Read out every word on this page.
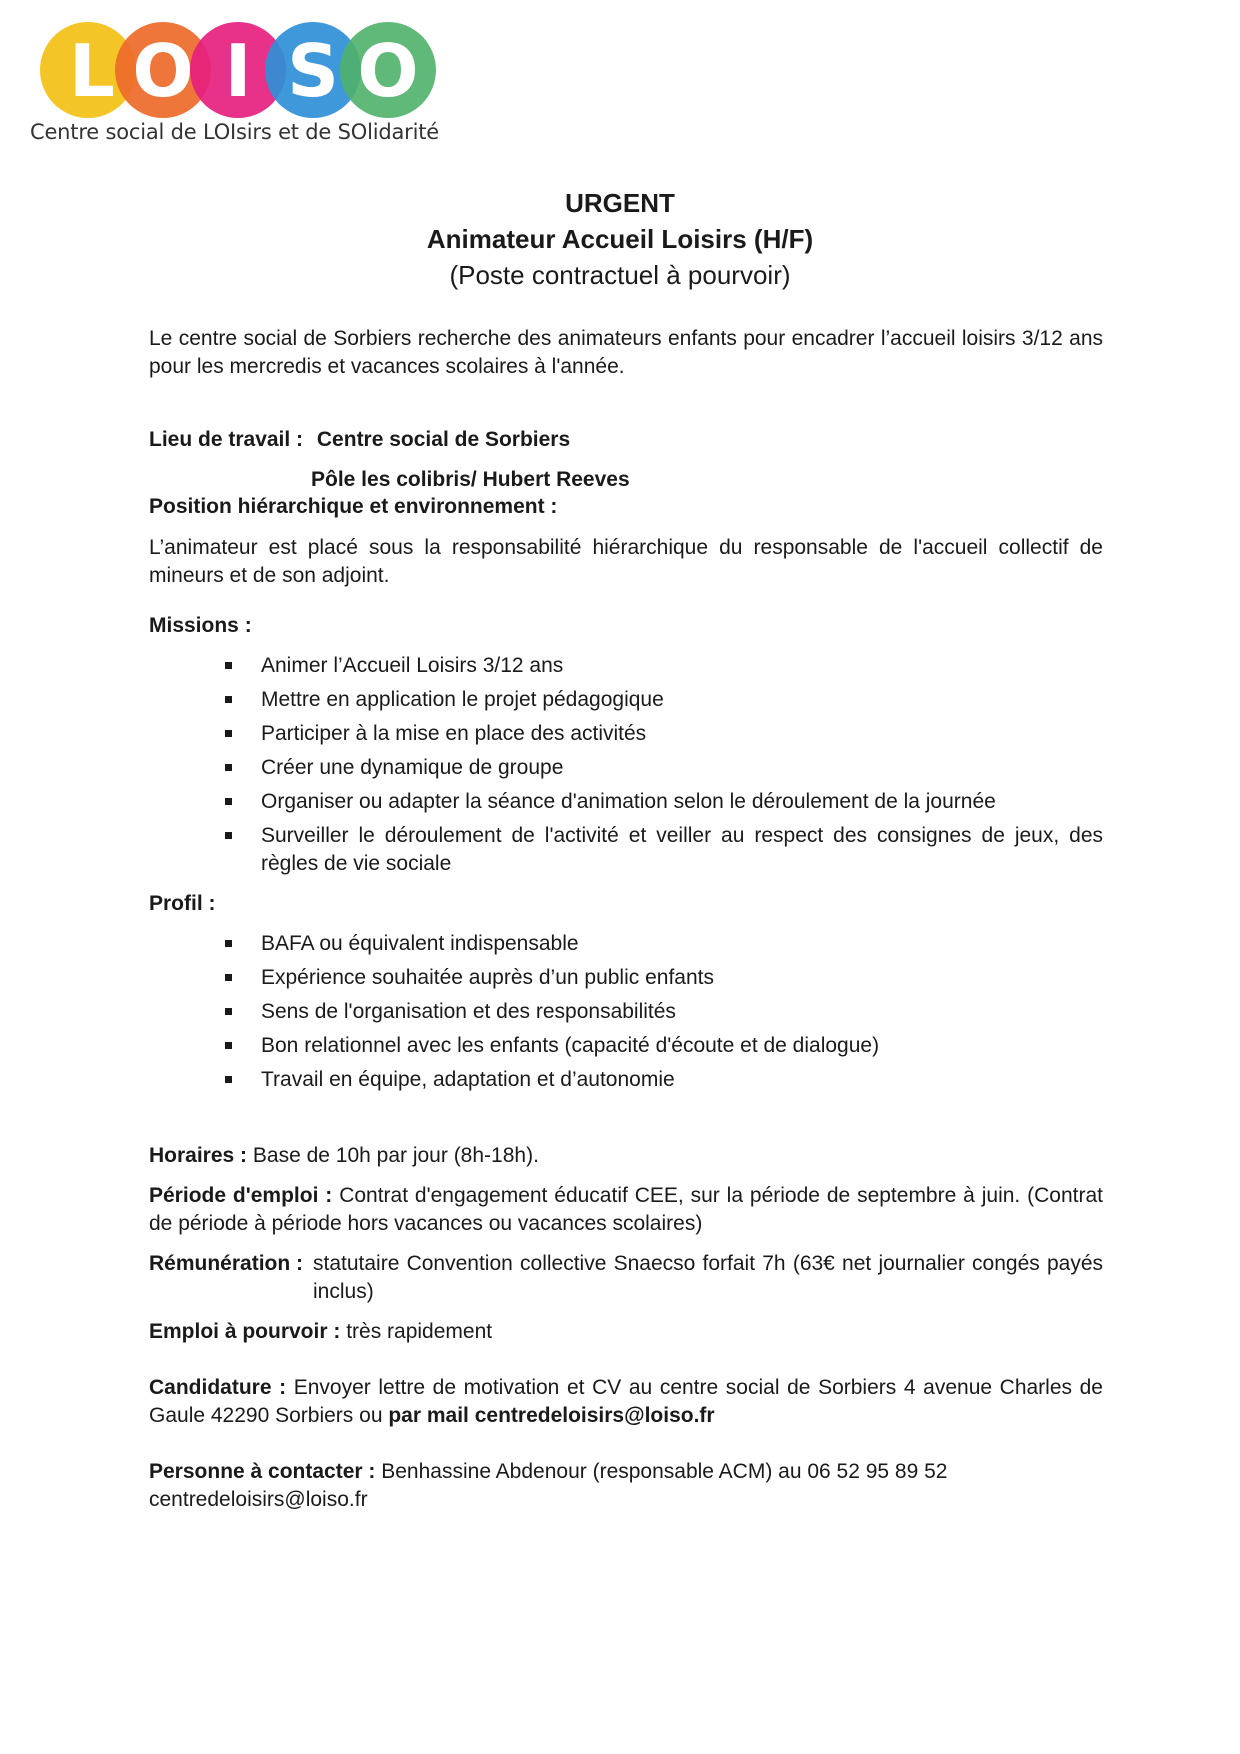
L O I S O
Centre social de LOIsirs et de SOlidarité
URGENT
Animateur Accueil Loisirs (H/F)
(Poste contractuel à pourvoir)
Le centre social de Sorbiers recherche des animateurs enfants pour encadrer l’accueil loisirs 3/12 ans pour les mercredis et vacances scolaires à l'année.
Lieu de travail : Centre social de Sorbiers
Pôle les colibris/ Hubert Reeves
Position hiérarchique et environnement :
L’animateur est placé sous la responsabilité hiérarchique du responsable de l'accueil collectif de mineurs et de son adjoint.
Missions :
Animer l’Accueil Loisirs 3/12 ans
Mettre en application le projet pédagogique
Participer à la mise en place des activités
Créer une dynamique de groupe
Organiser ou adapter la séance d'animation selon le déroulement de la journée
Surveiller le déroulement de l'activité et veiller au respect des consignes de jeux, des règles de vie sociale
Profil :
BAFA ou équivalent indispensable
Expérience souhaitée auprès d’un public enfants
Sens de l'organisation et des responsabilités
Bon relationnel avec les enfants (capacité d'écoute et de dialogue)
Travail en équipe, adaptation et d’autonomie
Horaires : Base de 10h par jour (8h-18h).
Période d'emploi : Contrat d'engagement éducatif CEE, sur la période de septembre à juin. (Contrat de période à période hors vacances ou vacances scolaires)
Rémunération : statutaire Convention collective Snaecso forfait 7h (63€ net journalier congés payés inclus)
Emploi à pourvoir : très rapidement
Candidature : Envoyer lettre de motivation et CV au centre social de Sorbiers 4 avenue Charles de Gaule 42290 Sorbiers ou par mail centredeloisirs@loiso.fr
Personne à contacter : Benhassine Abdenour (responsable ACM) au 06 52 95 89 52
centredeloisirs@loiso.fr
